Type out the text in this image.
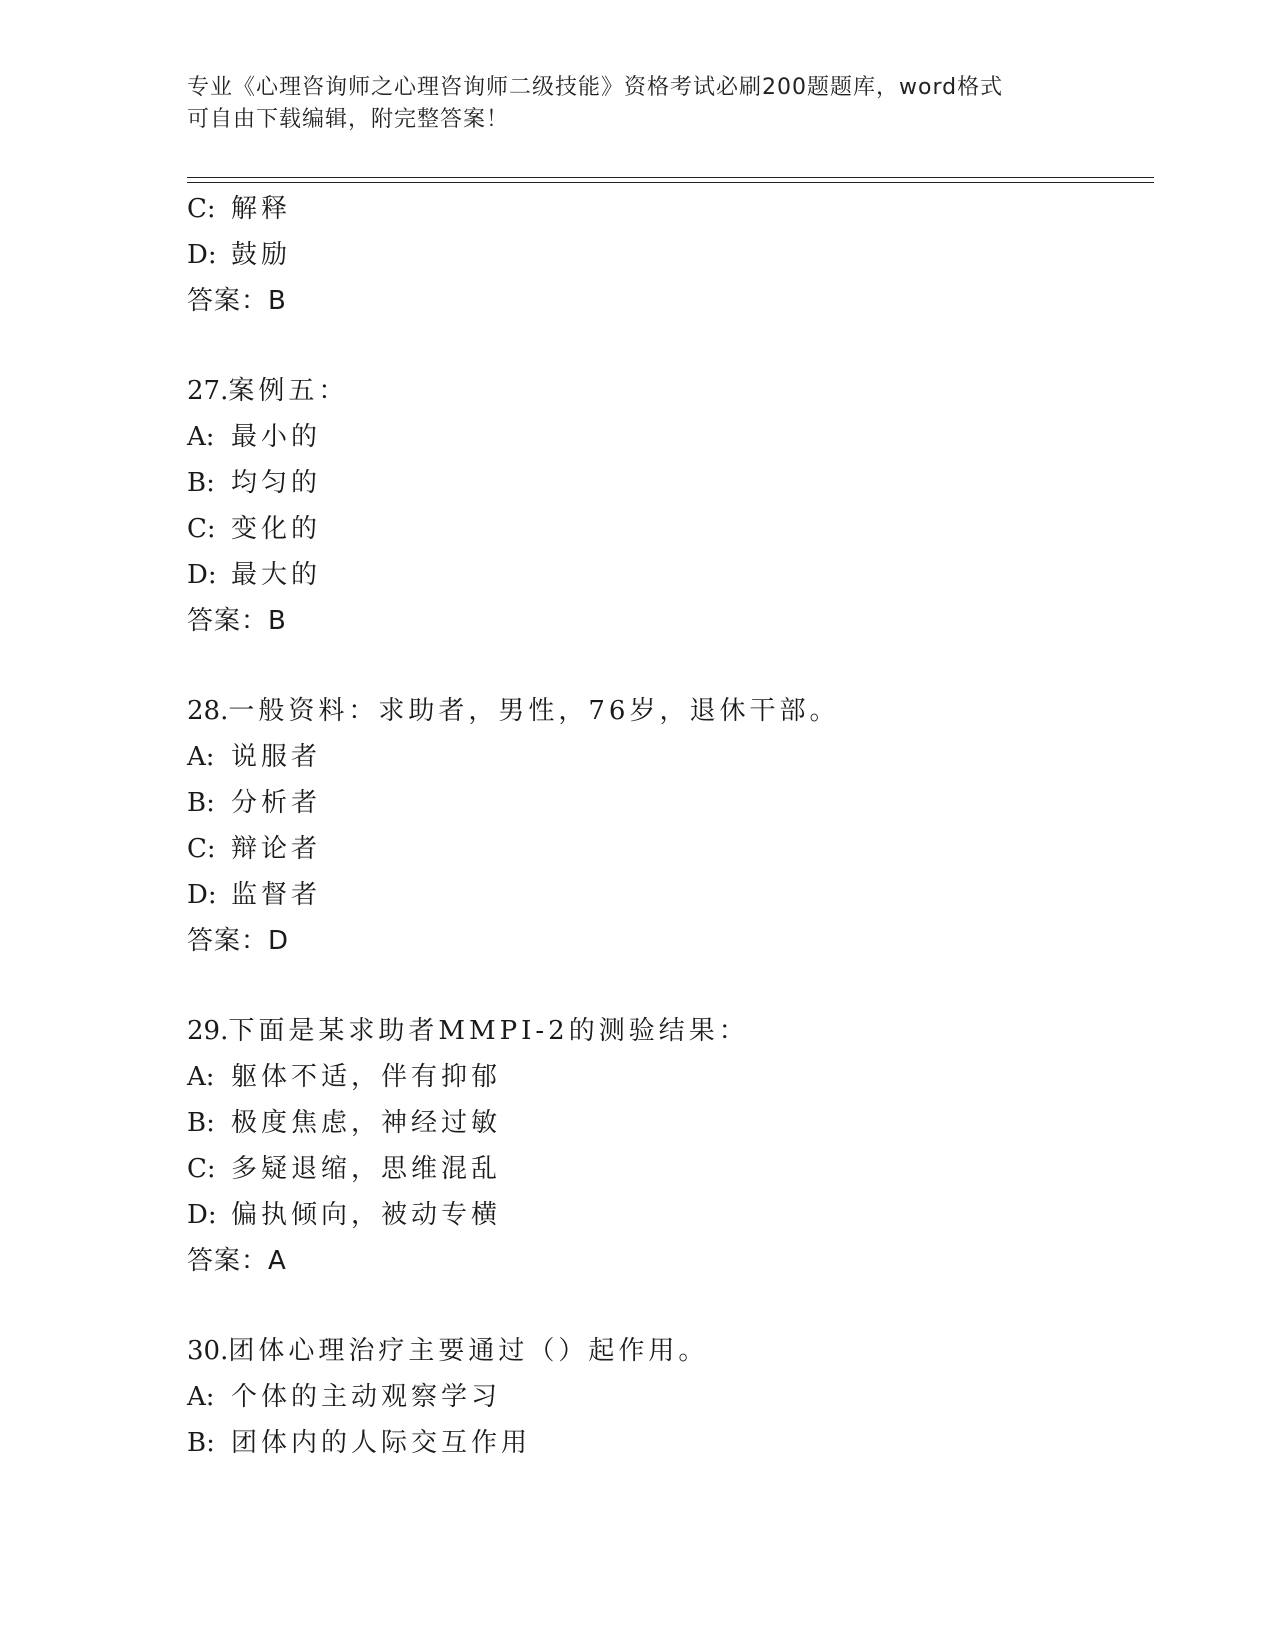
专业《心理咨询师之心理咨询师二级技能》资格考试必刷200题题库，word格式
可自由下载编辑，附完整答案！
C: 解释
D: 鼓励
答案：B
27.案例五：
A: 最小的
B: 均匀的
C: 变化的
D: 最大的
答案：B
28.一般资料：求助者，男性，76岁，退休干部。
A: 说服者
B: 分析者
C: 辩论者
D: 监督者
答案：D
29.下面是某求助者MMPI-2的测验结果：
A: 躯体不适，伴有抑郁
B: 极度焦虑，神经过敏
C: 多疑退缩，思维混乱
D: 偏执倾向，被动专横
答案：A
30.团体心理治疗主要通过（）起作用。
A: 个体的主动观察学习
B: 团体内的人际交互作用
